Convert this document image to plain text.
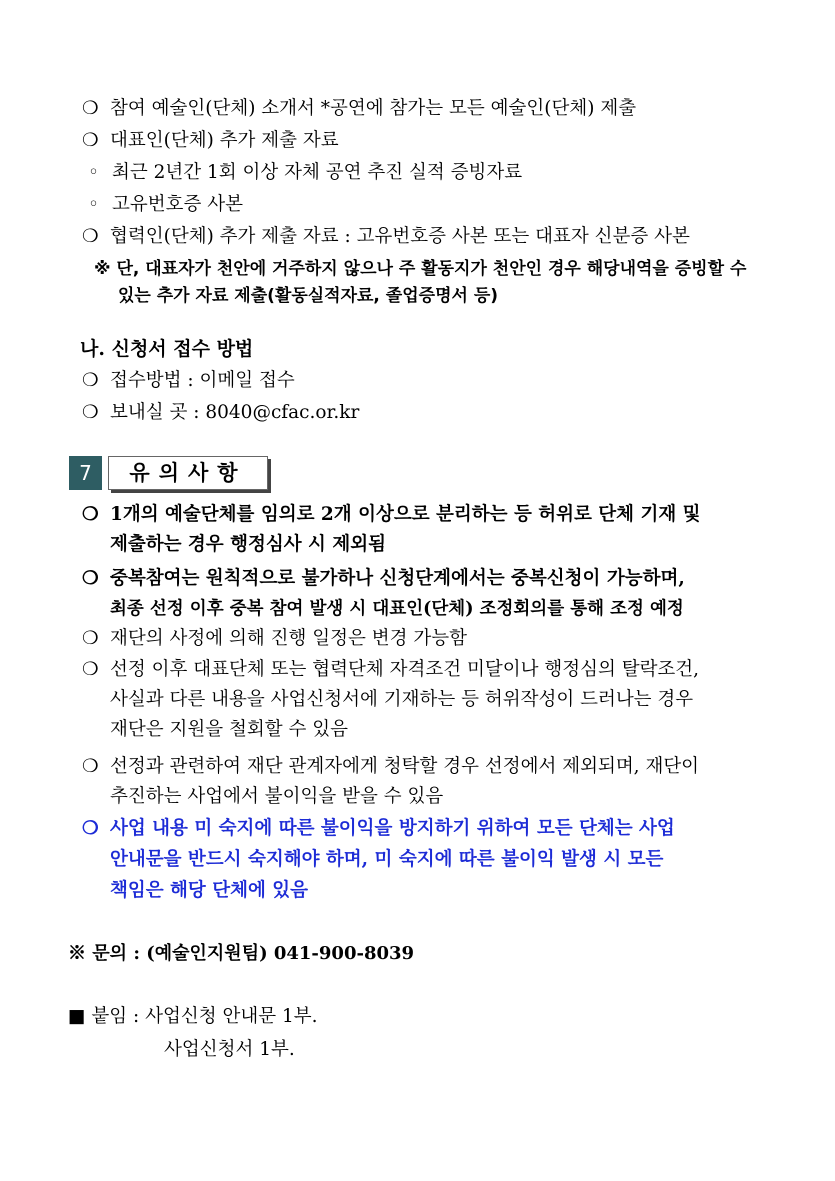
❍ 참여 예술인(단체) 소개서 *공연에 참가는 모든 예술인(단체) 제출
❍ 대표인(단체) 추가 제출 자료
◦ 최근 2년간 1회 이상 자체 공연 추진 실적 증빙자료
◦ 고유번호증 사본
❍ 협력인(단체) 추가 제출 자료 : 고유번호증 사본 또는 대표자 신분증 사본
※ 단, 대표자가 천안에 거주하지 않으나 주 활동지가 천안인 경우 해당내역을 증빙할 수
있는 추가 자료 제출(활동실적자료, 졸업증명서 등)
나. 신청서 접수 방법
❍ 접수방법 : 이메일 접수
❍ 보내실 곳 : 8040@cfac.or.kr
7	유의사항
❍ 1개의 예술단체를 임의로 2개 이상으로 분리하는 등 허위로 단체 기재 및
제출하는 경우 행정심사 시 제외됨
❍ 중복참여는 원칙적으로 불가하나 신청단계에서는 중복신청이 가능하며,
최종 선정 이후 중복 참여 발생 시 대표인(단체) 조정회의를 통해 조정 예정
❍ 재단의 사정에 의해 진행 일정은 변경 가능함
❍ 선정 이후 대표단체 또는 협력단체 자격조건 미달이나 행정심의 탈락조건,
사실과 다른 내용을 사업신청서에 기재하는 등 허위작성이 드러나는 경우
재단은 지원을 철회할 수 있음
❍ 선정과 관련하여 재단 관계자에게 청탁할 경우 선정에서 제외되며, 재단이
추진하는 사업에서 불이익을 받을 수 있음
❍ 사업 내용 미 숙지에 따른 불이익을 방지하기 위하여 모든 단체는 사업
안내문을 반드시 숙지해야 하며, 미 숙지에 따른 불이익 발생 시 모든
책임은 해당 단체에 있음
※ 문의 : (예술인지원팀) 041-900-8039
■ 붙임 : 사업신청 안내문 1부.
사업신청서 1부.
